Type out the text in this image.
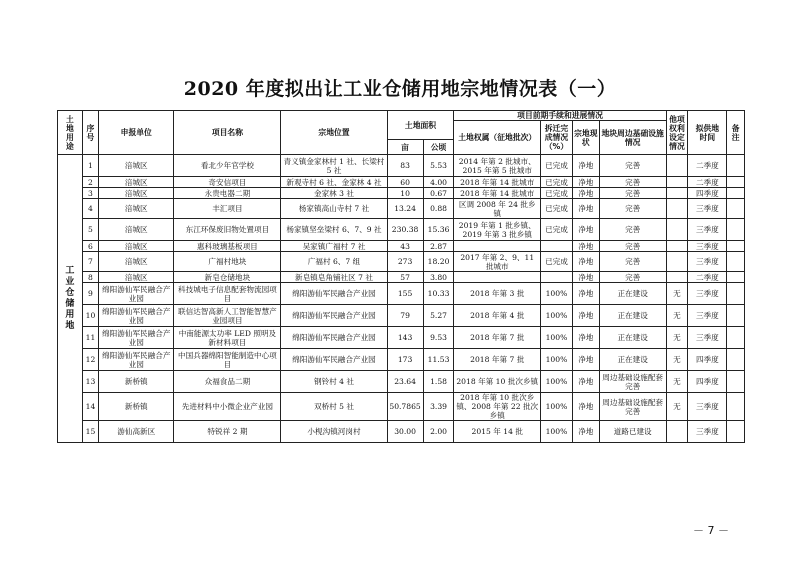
2020 年度拟出让工业仓储用地宗地情况表（一）
土地用途	序号	申报单位	项目名称	宗地位置	土地面积		项目前期手续和进展情况				他项权利设定情况	拟供地时间	备注

							土地权属（征地批次）	拆迁完成情况（%）	宗地现状	地块周边基础设施情况			
					亩	公顷							

工业仓储用地	1	涪城区	看北少年官学校	青义镇金家林村 1 社、长梁村 5 社	83	5.53	2014 年第 2 批城市、2015 年第 5 批城市	已完成	净地	完善		二季度	
	2	涪城区	奇安信项目	新观寺村 6 社、金家林 4 社	60	4.00	2018 年第 14 批城市	已完成	净地	完善		二季度	
	3	涪城区	永贵电器二期	金家林 3 社	10	0.67	2018 年第 14 批城市	已完成	净地	完善		四季度	
	4	涪城区	丰汇项目	杨家镇高山寺村 7 社	13.24	0.88	区调 2008 年 24 批乡镇	已完成	净地	完善		三季度	
	5	涪城区	东江环保废旧物处置项目	杨家镇坚垒梁村 6、7、9 社	230.38	15.36	2019 年第 1 批乡镇、2019 年第 3 批乡镇	已完成	净地	完善		三季度	
	6	涪城区	惠科玻璃基板项目	吴家镇广福村 7 社	43	2.87			净地	完善		三季度	
	7	涪城区	广福村地块	广福村 6、7 组	273	18.20	2017 年第 2、9、11 批城市	已完成	净地	完善		三季度	
	8	涪城区	新皂仓储地块	新皂镇皂角铺社区 7 社	57	3.80			净地	完善		二季度	
	9	绵阳游仙军民融合产业园	科技城电子信息配套物流园项目	绵阳游仙军民融合产业园	155	10.33	2018 年第 3 批	100%	净地	正在建设	无	三季度	
	10	绵阳游仙军民融合产业园	联信达智高新人工智能智慧产业园项目	绵阳游仙军民融合产业园	79	5.27	2018 年第 4 批	100%	净地	正在建设	无	三季度	
	11	绵阳游仙军民融合产业园	中南能源太功率 LED 照明及新材料项目	绵阳游仙军民融合产业园	143	9.53	2018 年第 7 批	100%	净地	正在建设	无	三季度	
	12	绵阳游仙军民融合产业园	中国兵器绵阳智能制造中心项目	绵阳游仙军民融合产业园	173	11.53	2018 年第 7 批	100%	净地	正在建设	无	四季度	
	13	新桥镇	众福食品二期	钢铃村 4 社	23.64	1.58	2018 年第 10 批次乡镇	100%	净地	周边基础设施配套完善	无	四季度	
	14	新桥镇	先进材料中小微企业产业园	双桥村 5 社	50.7865	3.39	2018 年第 10 批次乡镇、2008 年第 22 批次乡镇	100%	净地	周边基础设施配套完善	无	三季度	
	15	游仙高新区	特锐祥 2 期	小枧沟镇河岗村	30.00	2.00	2015 年 14 批	100%	净地	道路已建设		三季度	
－ 7 －
